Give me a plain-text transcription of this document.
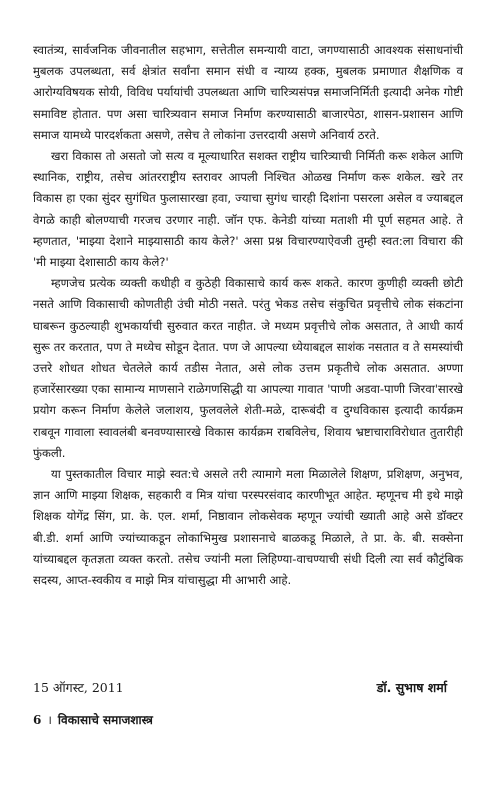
स्वातंत्र्य, सार्वजनिक जीवनातील सहभाग, सत्तेतील समन्यायी वाटा, जगण्यासाठी आवश्यक संसाधनांची मुबलक उपलब्धता, सर्व क्षेत्रांत सर्वांना समान संधी व न्याय्य हक्क, मुबलक प्रमाणात शैक्षणिक व आरोग्यविषयक सोयी, विविध पर्यायांची उपलब्धता आणि चारित्र्यसंपन्न समाजनिर्मिती इत्यादी अनेक गोष्टी समाविष्ट होतात. पण असा चारित्र्यवान समाज निर्माण करण्यासाठी बाजारपेठा, शासन-प्रशासन आणि समाज यामध्ये पारदर्शकता असणे, तसेच ते लोकांना उत्तरदायी असणे अनिवार्य ठरते.

खरा विकास तो असतो जो सत्य व मूल्याधारित सशक्त राष्ट्रीय चारित्र्याची निर्मिती करू शकेल आणि स्थानिक, राष्ट्रीय, तसेच आंतरराष्ट्रीय स्तरावर आपली निश्चित ओळख निर्माण करू शकेल. खरे तर विकास हा एका सुंदर सुगंधित फुलासारखा हवा, ज्याचा सुगंध चारही दिशांना पसरला असेल व ज्याबद्दल वेगळे काही बोलण्याची गरजच उरणार नाही. जॉन एफ. केनेडी यांच्या मताशी मी पूर्ण सहमत आहे. ते म्हणतात, 'माझ्या देशाने माझ्यासाठी काय केले?' असा प्रश्न विचारण्याऐवजी तुम्ही स्वत:ला विचारा की 'मी माझ्या देशासाठी काय केले?'

म्हणजेच प्रत्येक व्यक्ती कधीही व कुठेही विकासाचे कार्य करू शकते. कारण कुणीही व्यक्ती छोटी नसते आणि विकासाची कोणतीही उंची मोठी नसते. परंतु भेकड तसेच संकुचित प्रवृत्तीचे लोक संकटांना घाबरून कुठल्याही शुभकार्याची सुरुवात करत नाहीत. जे मध्यम प्रवृत्तीचे लोक असतात, ते आधी कार्य सुरू तर करतात, पण ते मध्येच सोडून देतात. पण जे आपल्या ध्येयाबद्दल साशंक नसतात व ते समस्यांची उत्तरे शोधत शोधत चेतलेले कार्य तडीस नेतात, असे लोक उत्तम प्रकृतीचे लोक असतात. अण्णा हजारेंसारख्या एका सामान्य माणसाने राळेगणसिद्धी या आपल्या गावात 'पाणी अडवा-पाणी जिरवा'सारखे प्रयोग करून निर्माण केलेले जलाशय, फुलवलेले शेती-मळे, दारूबंदी व दुग्धविकास इत्यादी कार्यक्रम राबवून गावाला स्वावलंबी बनवण्यासारखे विकास कार्यक्रम राबविलेच, शिवाय भ्रष्टाचाराविरोधात तुतारीही फुंकली.

या पुस्तकातील विचार माझे स्वत:चे असले तरी त्यामागे मला मिळालेले शिक्षण, प्रशिक्षण, अनुभव, ज्ञान आणि माझ्या शिक्षक, सहकारी व मित्र यांचा परस्परसंवाद कारणीभूत आहेत. म्हणूनच मी इथे माझे शिक्षक योगेंद्र सिंग, प्रा. के. एल. शर्मा, निष्ठावान लोकसेवक म्हणून ज्यांची ख्याती आहे असे डॉक्टर बी.डी. शर्मा आणि ज्यांच्याकडून लोकाभिमुख प्रशासनाचे बाळकडू मिळाले, ते प्रा. के. बी. सक्सेना यांच्याबद्दल कृतज्ञता व्यक्त करतो. तसेच ज्यांनी मला लिहिण्या-वाचण्याची संधी दिली त्या सर्व कौटुंबिक सदस्य, आप्त-स्वकीय व माझे मित्र यांचासुद्धा मी आभारी आहे.

15 ऑगस्ट, 2011	डॉ. सुभाष शर्मा
6 । विकासाचे समाजशास्त्र
